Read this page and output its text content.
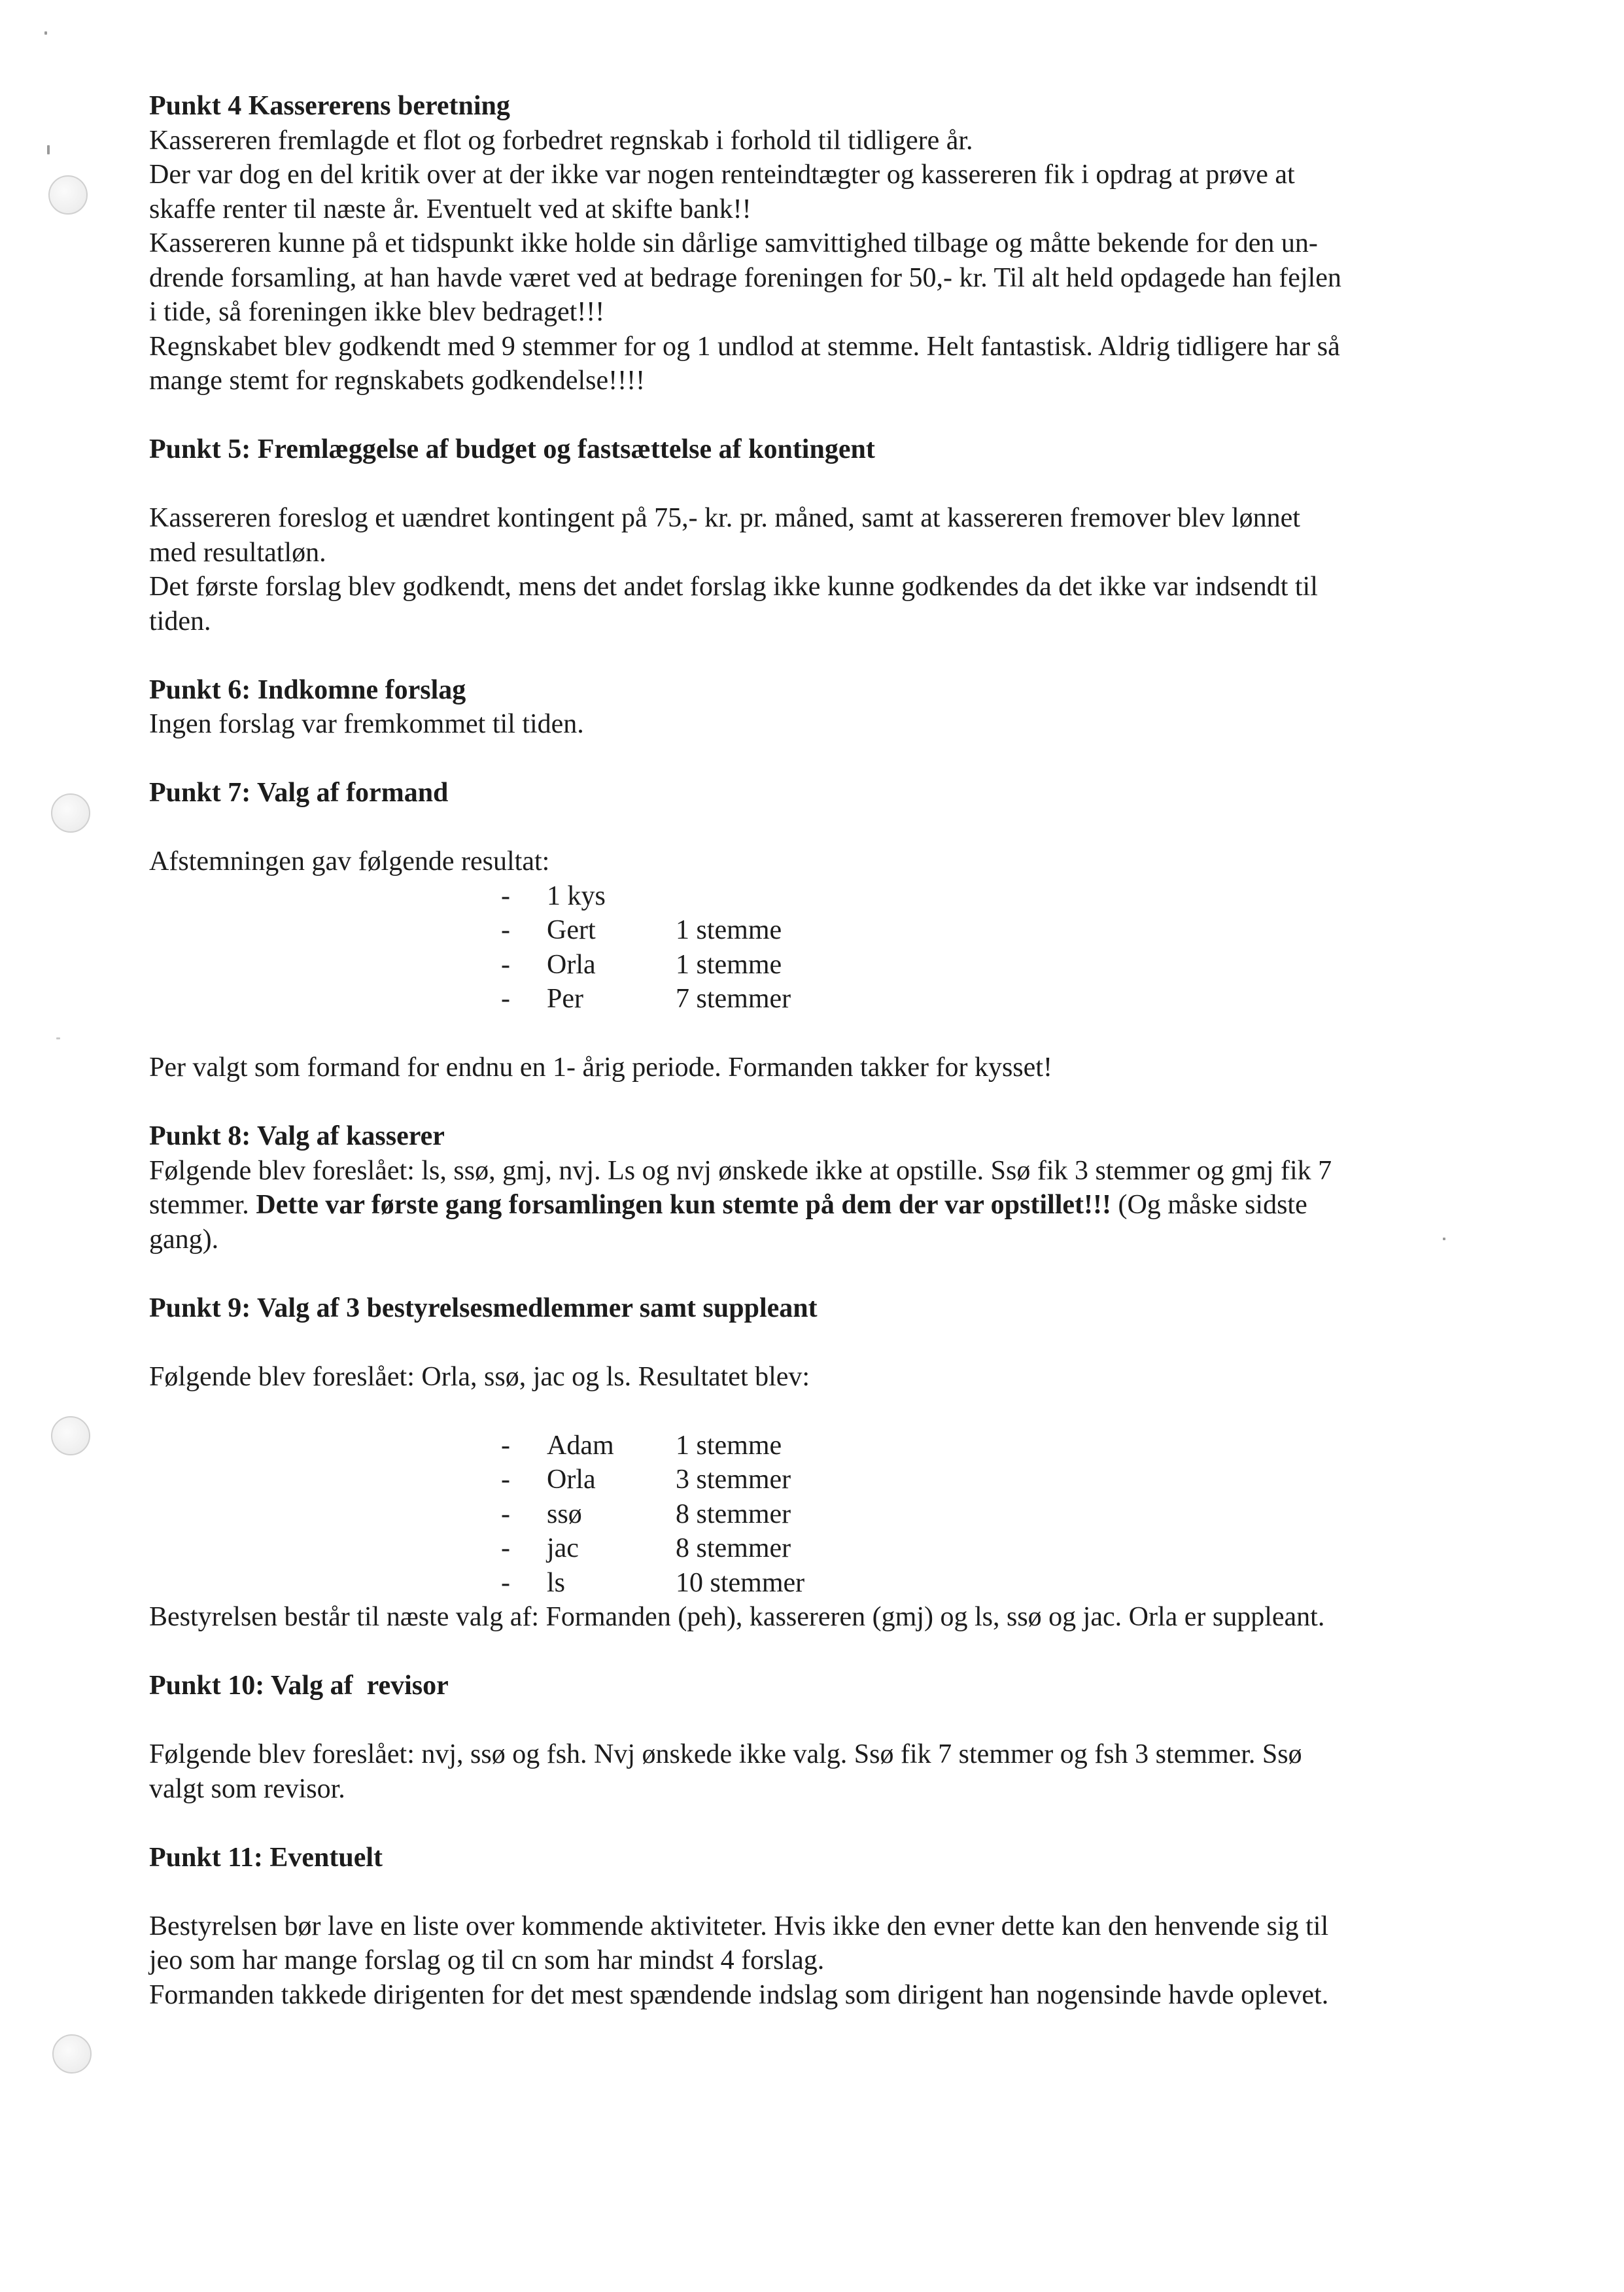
Punkt 4 Kassererens beretning

Kassereren fremlagde et flot og forbedret regnskab i forhold til tidligere år.

Der var dog en del kritik over at der ikke var nogen renteindtægter og kassereren fik i opdrag at prøve at

skaffe renter til næste år. Eventuelt ved at skifte bank!!

Kassereren kunne på et tidspunkt ikke holde sin dårlige samvittighed tilbage og måtte bekende for den un-

drende forsamling, at han havde været ved at bedrage foreningen for 50,- kr. Til alt held opdagede han fejlen

i tide, så foreningen ikke blev bedraget!!!

Regnskabet blev godkendt med 9 stemmer for og 1 undlod at stemme. Helt fantastisk. Aldrig tidligere har så

mange stemt for regnskabets godkendelse!!!!

Punkt 5: Fremlæggelse af budget og fastsættelse af kontingent

Kassereren foreslog et uændret kontingent på 75,- kr. pr. måned, samt at kassereren fremover blev lønnet

med resultatløn.

Det første forslag blev godkendt, mens det andet forslag ikke kunne godkendes da det ikke var indsendt til

tiden.

Punkt 6: Indkomne forslag

Ingen forslag var fremkommet til tiden.

Punkt 7: Valg af formand

Afstemningen gav følgende resultat:

-	1 kys
-	Gert	1 stemme
-	Orla	1 stemme
-	Per	7 stemmer

Per valgt som formand for endnu en 1- årig periode. Formanden takker for kysset!

Punkt 8: Valg af kasserer

Følgende blev foreslået: ls, ssø, gmj, nvj. Ls og nvj ønskede ikke at opstille. Ssø fik 3 stemmer og gmj fik 7

stemmer. Dette var første gang forsamlingen kun stemte på dem der var opstillet!!! (Og måske sidste

gang).

Punkt 9: Valg af 3 bestyrelsesmedlemmer samt suppleant

Følgende blev foreslået: Orla, ssø, jac og ls. Resultatet blev:

-	Adam	1 stemme
-	Orla	3 stemmer
-	ssø	8 stemmer
-	jac	8 stemmer
-	ls	10 stemmer

Bestyrelsen består til næste valg af: Formanden (peh), kassereren (gmj) og ls, ssø og jac. Orla er suppleant.

Punkt 10: Valg af  revisor

Følgende blev foreslået: nvj, ssø og fsh. Nvj ønskede ikke valg. Ssø fik 7 stemmer og fsh 3 stemmer. Ssø

valgt som revisor.

Punkt 11: Eventuelt

Bestyrelsen bør lave en liste over kommende aktiviteter. Hvis ikke den evner dette kan den henvende sig til

jeo som har mange forslag og til cn som har mindst 4 forslag.

Formanden takkede dirigenten for det mest spændende indslag som dirigent han nogensinde havde oplevet.
